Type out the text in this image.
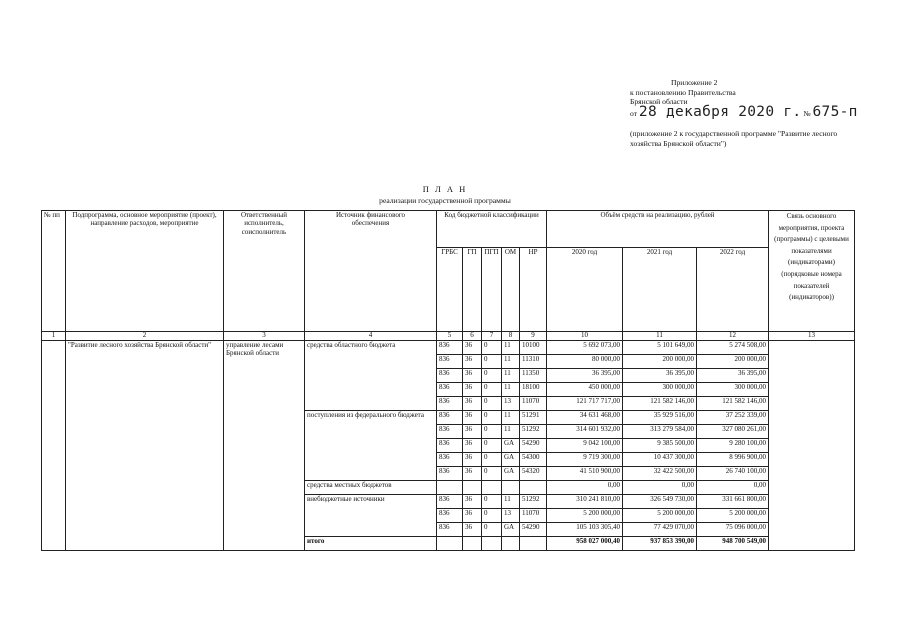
Приложение 2
к постановлению Правительства
Брянской области
от 28 декабря 2020 г. № 675-п
(приложение 2 к государственной программе "Развитие лесного хозяйства Брянской области")
П Л А Н
реализации государственной программы
№ пп	Подпрограмма, основное мероприятие (проект), направление расходов, мероприятие	Ответственный исполнитель, соисполнитель	Источник финансового обеспечения	Код бюджетной классификации					Объём средств на реализацию, рублей			Связь основного мероприятия, проекта (программы) с целевыми показателями (индикаторами) (порядковые номера показателей (индикаторов))
				ГРБС	ГП	ПГП	ОМ	НР	2020 год	2021 год	2022 год	
1	2	3	4	5	6	7	8	9	10	11	12	13
	"Развитие лесного хозяйства Брянской области"	управление лесами Брянской области	средства областного бюджета	836	36	0	11	10100	5 692 073,00	5 101 649,00	5 274 508,00	
				836	36	0	11	11310	80 000,00	200 000,00	200 000,00	
				836	36	0	11	11350	36 395,00	36 395,00	36 395,00	
				836	36	0	11	18100	450 000,00	300 000,00	300 000,00	
				836	36	0	13	11070	121 717 717,00	121 582 146,00	121 582 146,00	
			поступления из федерального бюджета	836	36	0	11	51291	34 631 468,00	35 929 516,00	37 252 339,00	
				836	36	0	11	51292	314 601 932,00	313 279 584,00	327 080 261,00	
				836	36	0	GA	54290	9 042 100,00	9 385 500,00	9 280 100,00	
				836	36	0	GA	54300	9 719 300,00	10 437 300,00	8 996 900,00	
				836	36	0	GA	54320	41 510 900,00	32 422 500,00	26 740 100,00	
			средства местных бюджетов						0,00	0,00	0,00	
			внебюджетные источники	836	36	0	11	51292	310 241 810,00	326 549 730,00	331 661 800,00	
				836	36	0	13	11070	5 200 000,00	5 200 000,00	5 200 000,00	
				836	36	0	GA	54290	105 103 305,40	77 429 070,00	75 096 000,00	
			итого						958 027 000,40	937 853 390,00	948 700 549,00	
